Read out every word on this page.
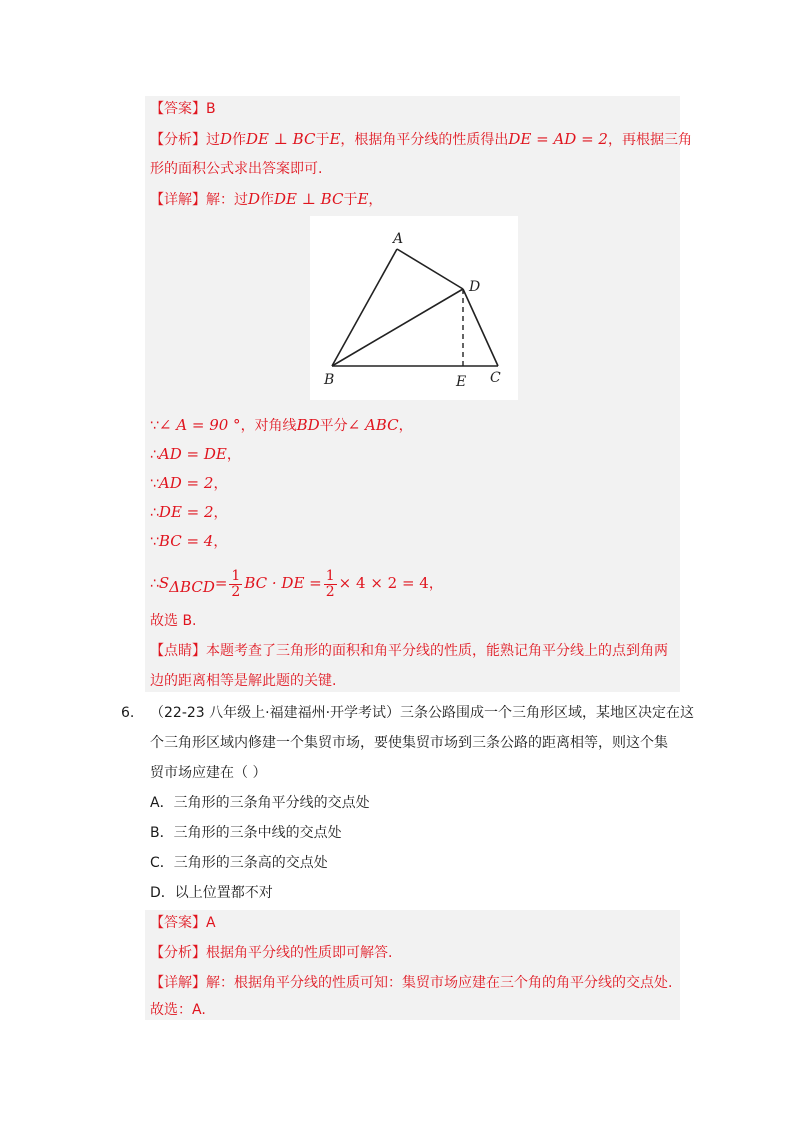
【答案】B
【分析】过D作DE ⊥ BC于E，根据角平分线的性质得出DE = AD = 2，再根据三角
形的面积公式求出答案即可.
【详解】解：过D作DE ⊥ BC于E，
A
D
B	E C
∵∠ A = 90 °，对角线BD平分∠ ABC，
∴AD = DE，
∵AD = 2，
∴DE = 2，
∵BC = 4，
$\therefore S_{\Delta BCD}= \frac{1}{2}$ BC · DE = $\frac{1}{2} \times 4 \times 2 = 4$，
故选 B.
【点睛】本题考查了三角形的面积和角平分线的性质，能熟记角平分线上的点到角两
边的距离相等是解此题的关键.
6. （22-23 八年级上·福建福州·开学考试）三条公路围成一个三角形区域，某地区决定在这
个三角形区域内修建一个集贸市场，要使集贸市场到三条公路的距离相等，则这个集
贸市场应建在（ ）
A．三角形的三条角平分线的交点处
B．三角形的三条中线的交点处
C．三角形的三条高的交点处
D．以上位置都不对
【答案】A
【分析】根据角平分线的性质即可解答.
【详解】解：根据角平分线的性质可知：集贸市场应建在三个角的角平分线的交点处.
故选：A.
